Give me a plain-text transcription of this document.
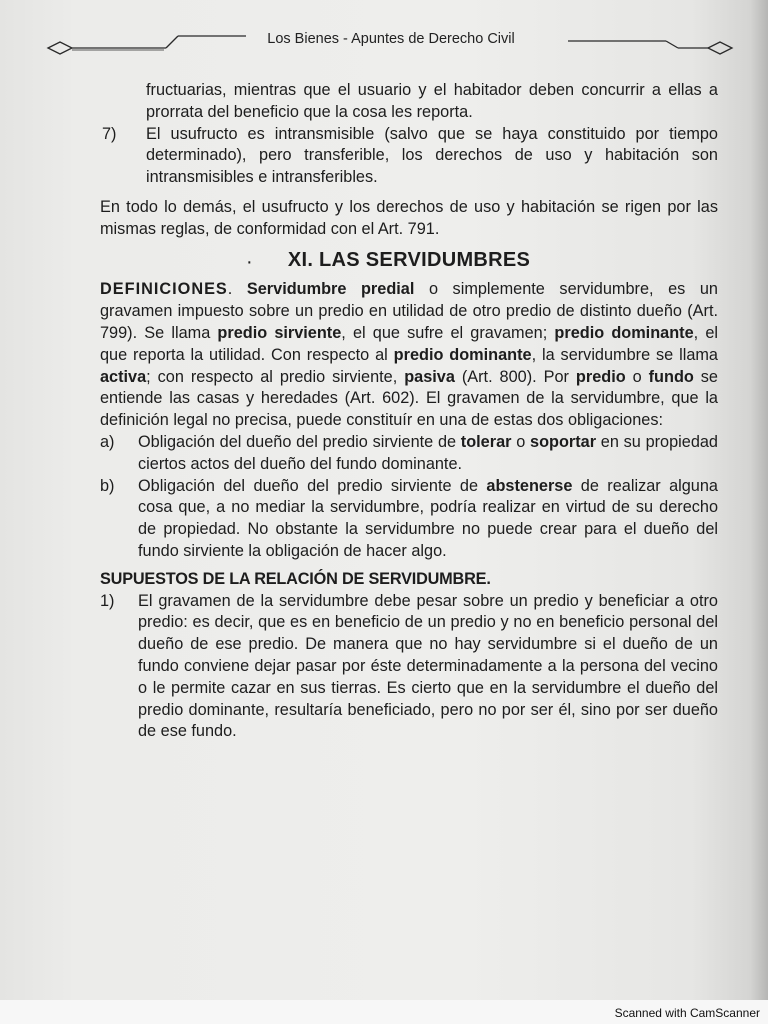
Los Bienes - Apuntes de Derecho Civil

fructuarias, mientras que el usuario y el habitador deben concurrir a ellas a prorrata del beneficio que la cosa les reporta.

7) El usufructo es intransmisible (salvo que se haya constituido por tiempo determinado), pero transferible, los derechos de uso y habitación son intransmisibles e intransferibles.

En todo lo demás, el usufructo y los derechos de uso y habitación se rigen por las mismas reglas, de conformidad con el Art. 791.

· XI. LAS SERVIDUMBRES

DEFINICIONES. Servidumbre predial o simplemente servidumbre, es un gravamen impuesto sobre un predio en utilidad de otro predio de distinto dueño (Art. 799). Se llama predio sirviente, el que sufre el gravamen; predio dominante, el que reporta la utilidad. Con respecto al predio dominante, la servidumbre se llama activa; con respecto al predio sirviente, pasiva (Art. 800). Por predio o fundo se entiende las casas y heredades (Art. 602). El gravamen de la servidumbre, que la definición legal no precisa, puede constituír en una de estas dos obligaciones:

a) Obligación del dueño del predio sirviente de tolerar o soportar en su propiedad ciertos actos del dueño del fundo dominante.

b) Obligación del dueño del predio sirviente de abstenerse de realizar alguna cosa que, a no mediar la servidumbre, podría realizar en virtud de su derecho de propiedad. No obstante la servidumbre no puede crear para el dueño del fundo sirviente la obligación de hacer algo.

SUPUESTOS DE LA RELACIÓN DE SERVIDUMBRE.

1) El gravamen de la servidumbre debe pesar sobre un predio y beneficiar a otro predio: es decir, que es en beneficio de un predio y no en beneficio personal del dueño de ese predio. De manera que no hay servidumbre si el dueño de un fundo conviene dejar pasar por éste determinadamente a la persona del vecino o le permite cazar en sus tierras. Es cierto que en la servidumbre el dueño del predio dominante, resultaría beneficiado, pero no por ser él, sino por ser dueño de ese fundo.

Scanned with CamScanner
